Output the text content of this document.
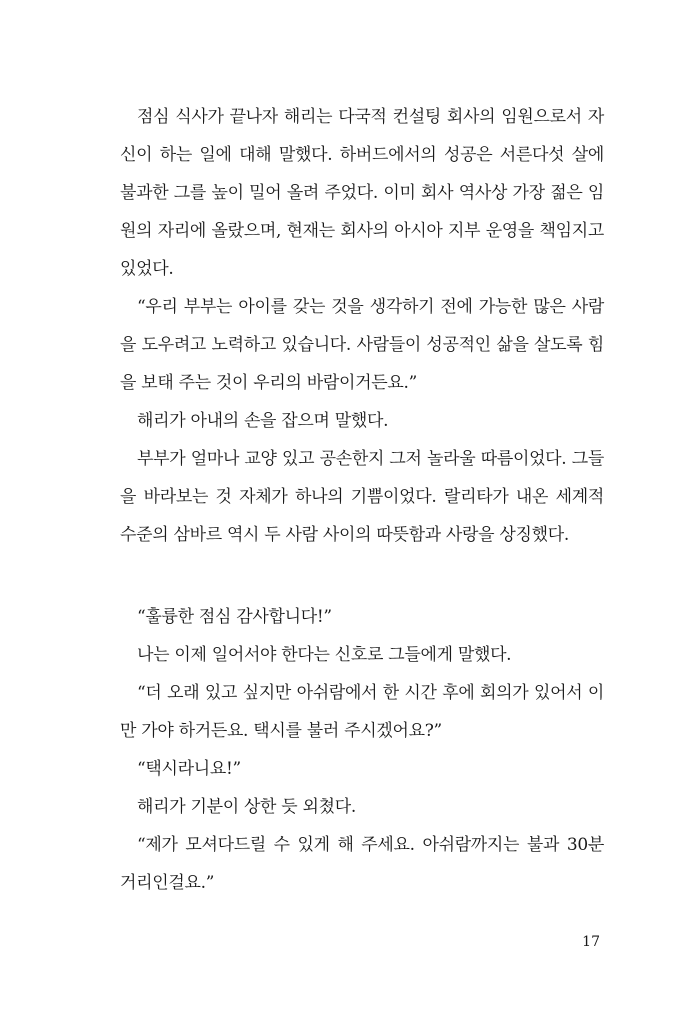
점심 식사가 끝나자 해리는 다국적 컨설팅 회사의 임원으로서 자신이 하는 일에 대해 말했다. 하버드에서의 성공은 서른다섯 살에 불과한 그를 높이 밀어 올려 주었다. 이미 회사 역사상 가장 젊은 임원의 자리에 올랐으며, 현재는 회사의 아시아 지부 운영을 책임지고 있었다.

“우리 부부는 아이를 갖는 것을 생각하기 전에 가능한 많은 사람을 도우려고 노력하고 있습니다. 사람들이 성공적인 삶을 살도록 힘을 보태 주는 것이 우리의 바람이거든요.”

해리가 아내의 손을 잡으며 말했다.

부부가 얼마나 교양 있고 공손한지 그저 놀라울 따름이었다. 그들을 바라보는 것 자체가 하나의 기쁨이었다. 랄리타가 내온 세계적 수준의 삼바르 역시 두 사람 사이의 따뜻함과 사랑을 상징했다.

“훌륭한 점심 감사합니다!”

나는 이제 일어서야 한다는 신호로 그들에게 말했다.

“더 오래 있고 싶지만 아쉬람에서 한 시간 후에 회의가 있어서 이만 가야 하거든요. 택시를 불러 주시겠어요?”

“택시라니요!”

해리가 기분이 상한 듯 외쳤다.

“제가 모셔다드릴 수 있게 해 주세요. 아쉬람까지는 불과 30분 거리인걸요.”

17
